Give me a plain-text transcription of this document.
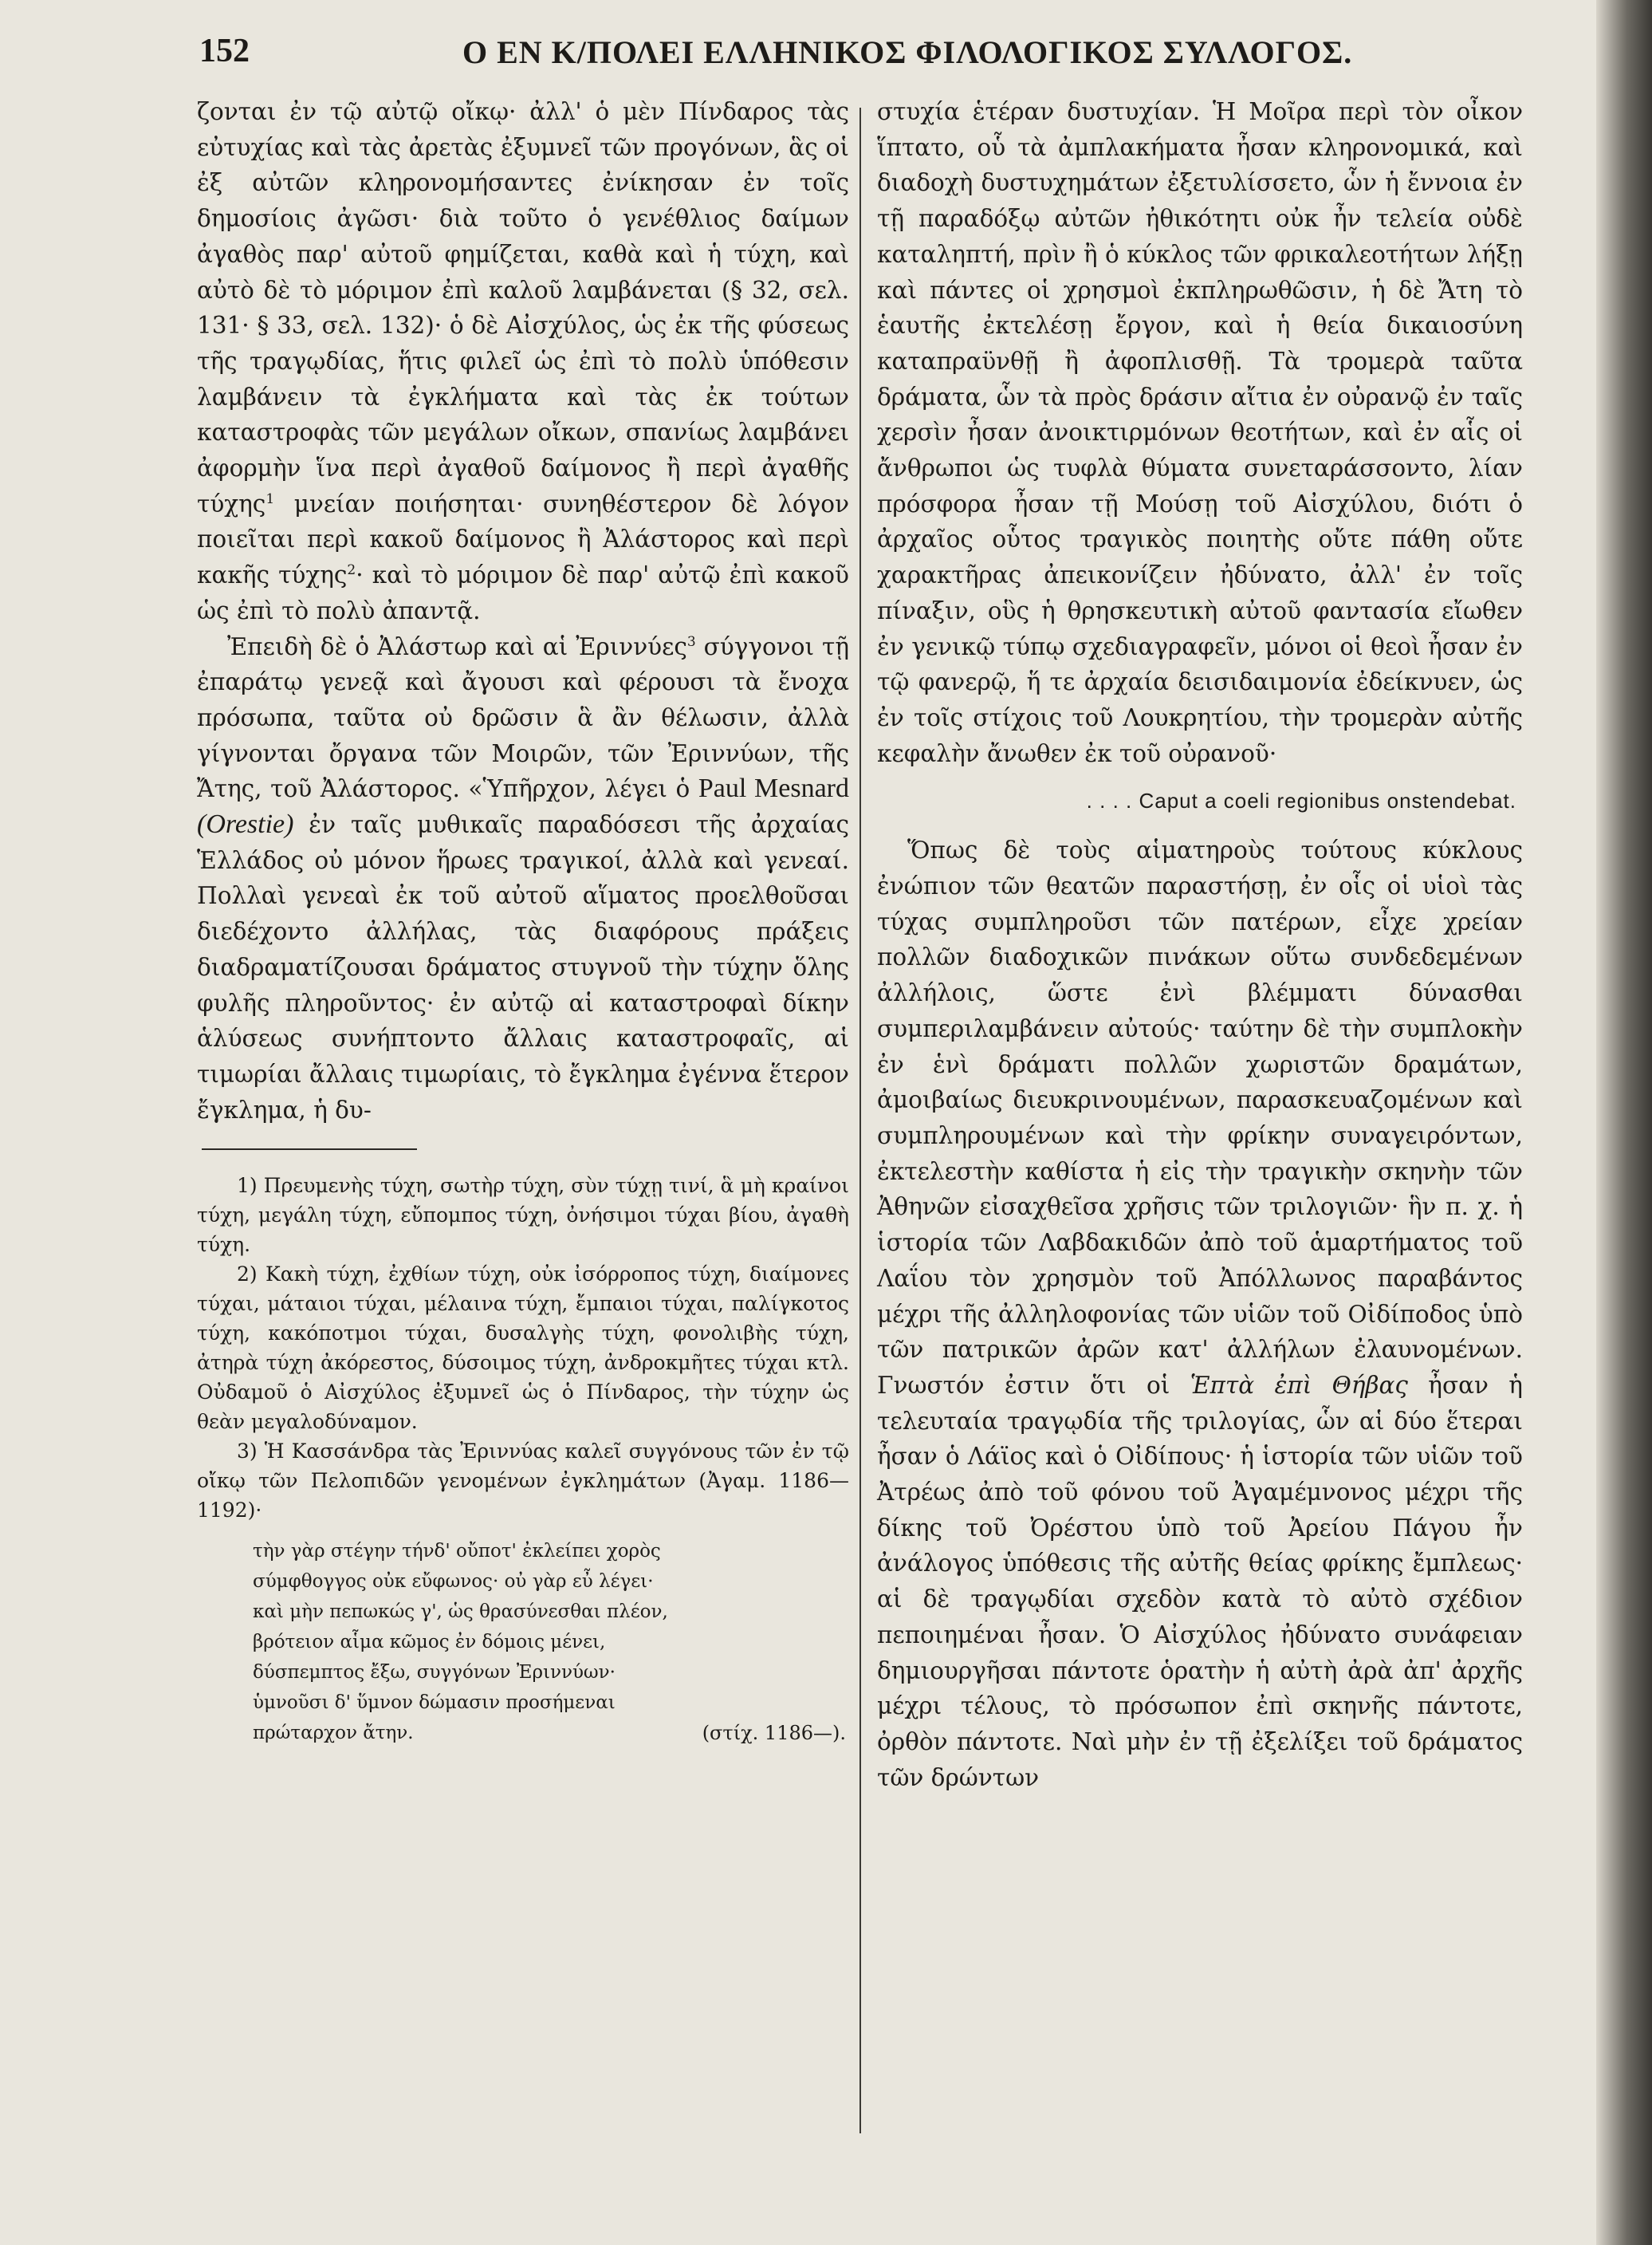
152	Ο ΕΝ Κ/ΠΟΛΕΙ ΕΛΛΗΝΙΚΟΣ ΦΙΛΟΛΟΓΙΚΟΣ ΣΥΛΛΟΓΟΣ.

ζονται ἐν τῷ αὐτῷ οἴκῳ· ἀλλ' ὁ μὲν Πίνδαρος τὰς εὐτυχίας καὶ τὰς ἀρετὰς ἐξυμνεῖ τῶν προγόνων, ἃς οἱ ἐξ αὐτῶν κληρονομήσαντες ἐνίκησαν ἐν τοῖς δημοσίοις ἀγῶσι· διὰ τοῦτο ὁ γενέθλιος δαίμων ἀγαθὸς παρ' αὐτοῦ φημίζεται, καθὰ καὶ ἡ τύχη, καὶ αὐτὸ δὲ τὸ μόριμον ἐπὶ καλοῦ λαμβάνεται (§ 32, σελ. 131· § 33, σελ. 132)· ὁ δὲ Αἰσχύλος, ὡς ἐκ τῆς φύσεως τῆς τραγῳδίας, ἥτις φιλεῖ ὡς ἐπὶ τὸ πολὺ ὑπόθεσιν λαμβάνειν τὰ ἐγκλήματα καὶ τὰς ἐκ τούτων καταστροφὰς τῶν μεγάλων οἴκων, σπανίως λαμβάνει ἀφορμὴν ἵνα περὶ ἀγαθοῦ δαίμονος ἢ περὶ ἀγαθῆς τύχης$^1$ μνείαν ποιήσηται· συνηθέστερον δὲ λόγον ποιεῖται περὶ κακοῦ δαίμονος ἢ Ἀλάστορος καὶ περὶ κακῆς τύχης$^2$· καὶ τὸ μόριμον δὲ παρ' αὐτῷ ἐπὶ κακοῦ ὡς ἐπὶ τὸ πολὺ ἀπαντᾷ.

Ἐπειδὴ δὲ ὁ Ἀλάστωρ καὶ αἱ Ἐριννύες$^3$ σύγγονοι τῇ ἐπαράτῳ γενεᾷ καὶ ἄγουσι καὶ φέρουσι τὰ ἔνοχα πρόσωπα, ταῦτα οὐ δρῶσιν ἃ ἂν θέλωσιν, ἀλλὰ γίγνονται ὄργανα τῶν Μοιρῶν, τῶν Ἐριννύων, τῆς Ἄτης, τοῦ Ἀλάστορος. «Ὑπῆρχον, λέγει ὁ Paul Mesnard (Orestie) ἐν ταῖς μυθικαῖς παραδόσεσι τῆς ἀρχαίας Ἑλλάδος οὐ μόνον ἥρωες τραγικοί, ἀλλὰ καὶ γενεαί. Πολλαὶ γενεαὶ ἐκ τοῦ αὐτοῦ αἵματος προελθοῦσαι διεδέχοντο ἀλλήλας, τὰς διαφόρους πράξεις διαδραματίζουσαι δράματος στυγνοῦ τὴν τύχην ὅλης φυλῆς πληροῦντος· ἐν αὐτῷ αἱ καταστροφαὶ δίκην ἁλύσεως συνήπτοντο ἄλλαις καταστροφαῖς, αἱ τιμωρίαι ἄλλαις τιμωρίαις, τὸ ἔγκλημα ἐγέννα ἕτερον ἔγκλημα, ἡ δυ-

1) Πρευμενὴς τύχη, σωτὴρ τύχη, σὺν τύχῃ τινί, ἃ μὴ κραίνοι τύχη, μεγάλη τύχη, εὔπομπος τύχη, ὀνήσιμοι τύχαι βίου, ἀγαθὴ τύχη.

2) Κακὴ τύχη, ἐχθίων τύχη, οὐκ ἰσόρροπος τύχη, διαίμονες τύχαι, μάταιοι τύχαι, μέλαινα τύχη, ἔμπαιοι τύχαι, παλίγκοτος τύχη, κακόποτμοι τύχαι, δυσαλγὴς τύχη, φονολιβὴς τύχη, ἀτηρὰ τύχη ἀκόρεστος, δύσοιμος τύχη, ἀνδροκμῆτες τύχαι κτλ. Οὐδαμοῦ ὁ Αἰσχύλος ἐξυμνεῖ ὡς ὁ Πίνδαρος, τὴν τύχην ὡς θεὰν μεγαλοδύναμον.

3) Ἡ Κασσάνδρα τὰς Ἐριννύας καλεῖ συγγόνους τῶν ἐν τῷ οἴκῳ τῶν Πελοπιδῶν γενομένων ἐγκλημάτων (Ἀγαμ. 1186—1192)·

τὴν γὰρ στέγην τήνδ' οὔποτ' ἐκλείπει χορὸς
σύμφθογγος οὐκ εὔφωνος· οὐ γὰρ εὖ λέγει·
καὶ μὴν πεπωκώς γ', ὡς θρασύνεσθαι πλέον,
βρότειον αἷμα κῶμος ἐν δόμοις μένει,
δύσπεμπτος ἔξω, συγγόνων Ἐριννύων·
ὑμνοῦσι δ' ὕμνον δώμασιν προσήμεναι
πρώταρχον ἄτην.	(στίχ. 1186—).

στυχία ἑτέραν δυστυχίαν. Ἡ Μοῖρα περὶ τὸν οἶκον ἵπτατο, οὗ τὰ ἀμπλακήματα ἦσαν κληρονομικά, καὶ διαδοχὴ δυστυχημάτων ἐξετυλίσσετο, ὧν ἡ ἔννοια ἐν τῇ παραδόξῳ αὐτῶν ἠθικότητι οὐκ ἦν τελεία οὐδὲ καταληπτή, πρὶν ἢ ὁ κύκλος τῶν φρικαλεοτήτων λήξῃ καὶ πάντες οἱ χρησμοὶ ἐκπληρωθῶσιν, ἡ δὲ Ἄτη τὸ ἑαυτῆς ἐκτελέσῃ ἔργον, καὶ ἡ θεία δικαιοσύνη καταπραϋνθῇ ἢ ἀφοπλισθῇ. Τὰ τρομερὰ ταῦτα δράματα, ὧν τὰ πρὸς δράσιν αἴτια ἐν οὐρανῷ ἐν ταῖς χερσὶν ἦσαν ἀνοικτιρμόνων θεοτήτων, καὶ ἐν αἷς οἱ ἄνθρωποι ὡς τυφλὰ θύματα συνεταράσσοντο, λίαν πρόσφορα ἦσαν τῇ Μούσῃ τοῦ Αἰσχύλου, διότι ὁ ἀρχαῖος οὗτος τραγικὸς ποιητὴς οὔτε πάθη οὔτε χαρακτῆρας ἀπεικονίζειν ἠδύνατο, ἀλλ' ἐν τοῖς πίναξιν, οὓς ἡ θρησκευτικὴ αὐτοῦ φαντασία εἴωθεν ἐν γενικῷ τύπῳ σχεδιαγραφεῖν, μόνοι οἱ θεοὶ ἦσαν ἐν τῷ φανερῷ, ἥ τε ἀρχαία δεισιδαιμονία ἐδείκνυεν, ὡς ἐν τοῖς στίχοις τοῦ Λουκρητίου, τὴν τρομερὰν αὐτῆς κεφαλὴν ἄνωθεν ἐκ τοῦ οὐρανοῦ·

. . . . Caput a coeli regionibus onstendebat.

Ὅπως δὲ τοὺς αἱματηροὺς τούτους κύκλους ἐνώπιον τῶν θεατῶν παραστήσῃ, ἐν οἷς οἱ υἱοὶ τὰς τύχας συμπληροῦσι τῶν πατέρων, εἶχε χρείαν πολλῶν διαδοχικῶν πινάκων οὕτω συνδεδεμένων ἀλλήλοις, ὥστε ἐνὶ βλέμματι δύνασθαι συμπεριλαμβάνειν αὐτούς· ταύτην δὲ τὴν συμπλοκὴν ἐν ἑνὶ δράματι πολλῶν χωριστῶν δραμάτων, ἀμοιβαίως διευκρινουμένων, παρασκευαζομένων καὶ συμπληρουμένων καὶ τὴν φρίκην συναγειρόντων, ἐκτελεστὴν καθίστα ἡ εἰς τὴν τραγικὴν σκηνὴν τῶν Ἀθηνῶν εἰσαχθεῖσα χρῆσις τῶν τριλογιῶν· ἣν π. χ. ἡ ἱστορία τῶν Λαβδακιδῶν ἀπὸ τοῦ ἁμαρτήματος τοῦ Λαΐου τὸν χρησμὸν τοῦ Ἀπόλλωνος παραβάντος μέχρι τῆς ἀλληλοφονίας τῶν υἱῶν τοῦ Οἰδίποδος ὑπὸ τῶν πατρικῶν ἀρῶν κατ' ἀλλήλων ἐλαυνομένων. Γνωστόν ἐστιν ὅτι οἱ Ἑπτὰ ἐπὶ Θήβας ἦσαν ἡ τελευταία τραγῳδία τῆς τριλογίας, ὧν αἱ δύο ἕτεραι ἦσαν ὁ Λάϊος καὶ ὁ Οἰδίπους· ἡ ἱστορία τῶν υἱῶν τοῦ Ἀτρέως ἀπὸ τοῦ φόνου τοῦ Ἀγαμέμνονος μέχρι τῆς δίκης τοῦ Ὀρέστου ὑπὸ τοῦ Ἀρείου Πάγου ἦν ἀνάλογος ὑπόθεσις τῆς αὐτῆς θείας φρίκης ἔμπλεως· αἱ δὲ τραγῳδίαι σχεδὸν κατὰ τὸ αὐτὸ σχέδιον πεποιημέναι ἦσαν. Ὁ Αἰσχύλος ἠδύνατο συνάφειαν δημιουργῆσαι πάντοτε ὁρατὴν ἡ αὐτὴ ἀρὰ ἀπ' ἀρχῆς μέχρι τέλους, τὸ πρόσωπον ἐπὶ σκηνῆς πάντοτε, ὀρθὸν πάντοτε. Ναὶ μὴν ἐν τῇ ἐξελίξει τοῦ δράματος τῶν δρώντων
